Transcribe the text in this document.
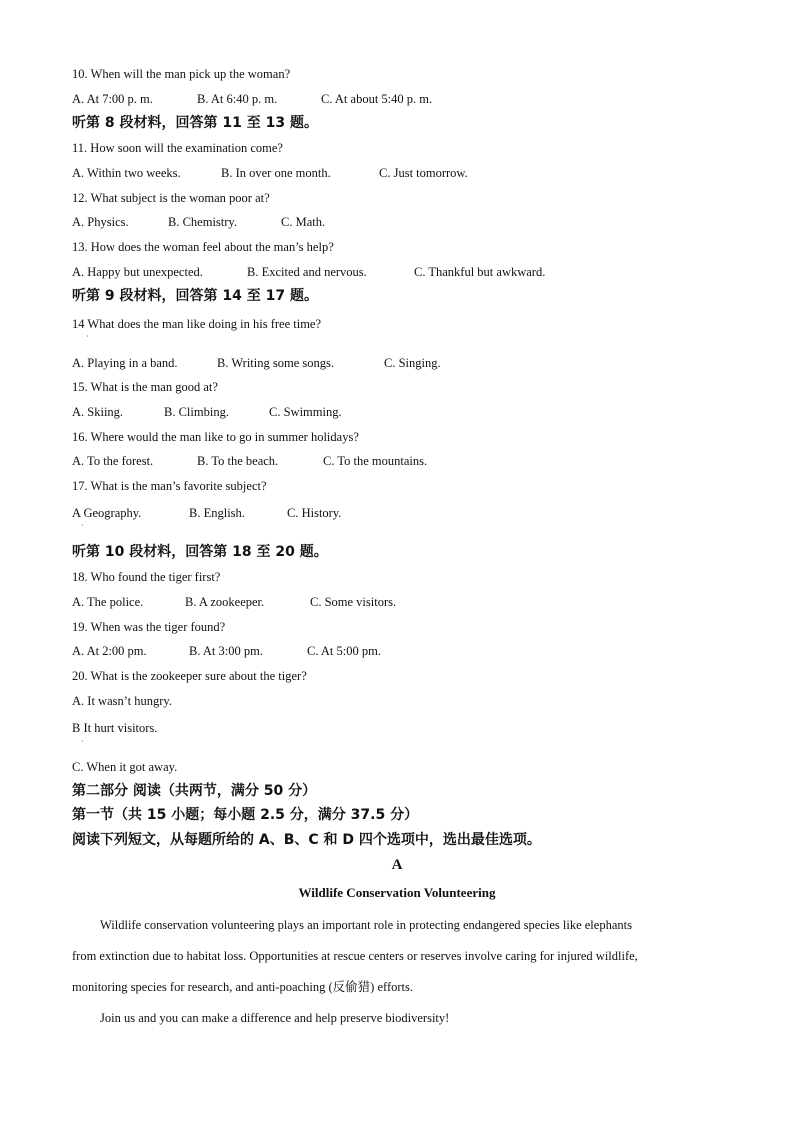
10. When will the man pick up the woman?
A. At 7:00 p. m.	B. At 6:40 p. m.	C. At about 5:40 p. m.
听第 8 段材料，回答第 11 至 13 题。
11. How soon will the examination come?
A. Within two weeks.	B. In over one month.	C. Just tomorrow.
12. What subject is the woman poor at?
A. Physics.	B. Chemistry.	C. Math.
13. How does the woman feel about the man’s help?
A. Happy but unexpected.	B. Excited and nervous.	C. Thankful but awkward.
听第 9 段材料，回答第 14 至 17 题。
14 What does the man like doing in his free time?
·
A. Playing in a band.	B. Writing some songs.	C. Singing.
15. What is the man good at?
A. Skiing.	B. Climbing.	C. Swimming.
16. Where would the man like to go in summer holidays?
A. To the forest.	B. To the beach.	C. To the mountains.
17. What is the man’s favorite subject?
A Geography.	B. English.	C. History.
·
听第 10 段材料，回答第 18 至 20 题。
18. Who found the tiger first?
A. The police.	B. A zookeeper.	C. Some visitors.
19. When was the tiger found?
A. At 2:00 pm.	B. At 3:00 pm.	C. At 5:00 pm.
20. What is the zookeeper sure about the tiger?
A. It wasn’t hungry.
B It hurt visitors.
·
C. When it got away.
第二部分 阅读（共两节，满分 50 分）
第一节（共 15 小题；每小题 2.5 分，满分 37.5 分）
阅读下列短文，从每题所给的 A、B、C 和 D 四个选项中，选出最佳选项。
A
Wildlife Conservation Volunteering
Wildlife conservation volunteering plays an important role in protecting endangered species like elephants
from extinction due to habitat loss. Opportunities at rescue centers or reserves involve caring for injured wildlife,
monitoring species for research, and anti-poaching (反偷猎) efforts.
Join us and you can make a difference and help preserve biodiversity!
